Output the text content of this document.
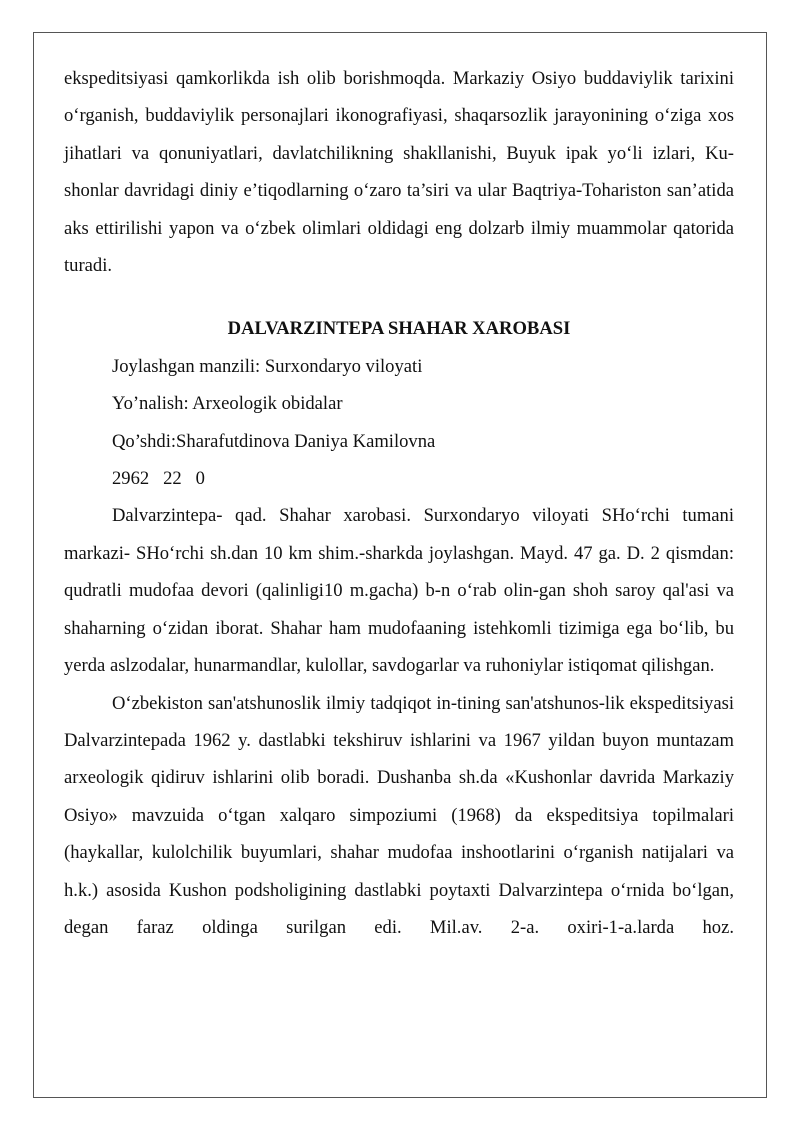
ekspeditsiyasi qamkorlikda ish olib borishmoqda. Markaziy Osiyo buddaviylik tarixini o‘rganish, buddaviylik personajlari ikonografiyasi, shaqarsozlik jarayonining o‘ziga xos jihatlari va qonuniyatlari, davlatchilikning shakllanishi, Buyuk ipak yo‘li izlari, Ku-shonlar davridagi diniy e’tiqodlarning o‘zaro ta’siri va ular Baqtriya-Tohariston san’atida aks ettirilishi yapon va o‘zbek olimlari oldidagi eng dolzarb ilmiy muammolar qatorida turadi.

DALVARZINTEPA SHAHAR XAROBASI

Joylashgan manzili: Surxondaryo viloyati

Yo’nalish: Arxeologik obidalar

Qo’shdi:Sharafutdinova Daniya Kamilovna

2962   22   0

Dalvarzintepa- qad. Shahar xarobasi. Surxondaryo viloyati SHo‘rchi tumani markazi- SHo‘rchi sh.dan 10 km shim.-sharkda joylashgan. Mayd. 47 ga. D. 2 qismdan: qudratli mudofaa devori (qalinligi10 m.gacha) b-n o‘rab olin-gan shoh saroy qal'asi va shaharning o‘zidan iborat. Shahar ham mudofaaning istehkomli tizimiga ega bo‘lib, bu yerda aslzodalar, hunarmandlar, kulollar, savdogarlar va ruhoniylar istiqomat qilishgan.

O‘zbekiston san'atshunoslik ilmiy tadqiqot in-tining san'atshunos-lik ekspeditsiyasi Dalvarzintepada 1962 y. dastlabki tekshiruv ishlarini va 1967 yildan buyon muntazam arxeologik qidiruv ishlarini olib boradi. Dushanba sh.da «Kushonlar davrida Markaziy Osiyo» mavzuida o‘tgan xalqaro simpoziumi (1968) da ekspeditsiya topilmalari (haykallar, kulolchilik buyumlari, shahar mudofaa inshootlarini o‘rganish natijalari va h.k.) asosida Kushon podsholigining dastlabki poytaxti Dalvarzintepa o‘rnida bo‘lgan, degan faraz oldinga surilgan edi. Mil.av. 2-a. oxiri-1-a.larda hoz.
